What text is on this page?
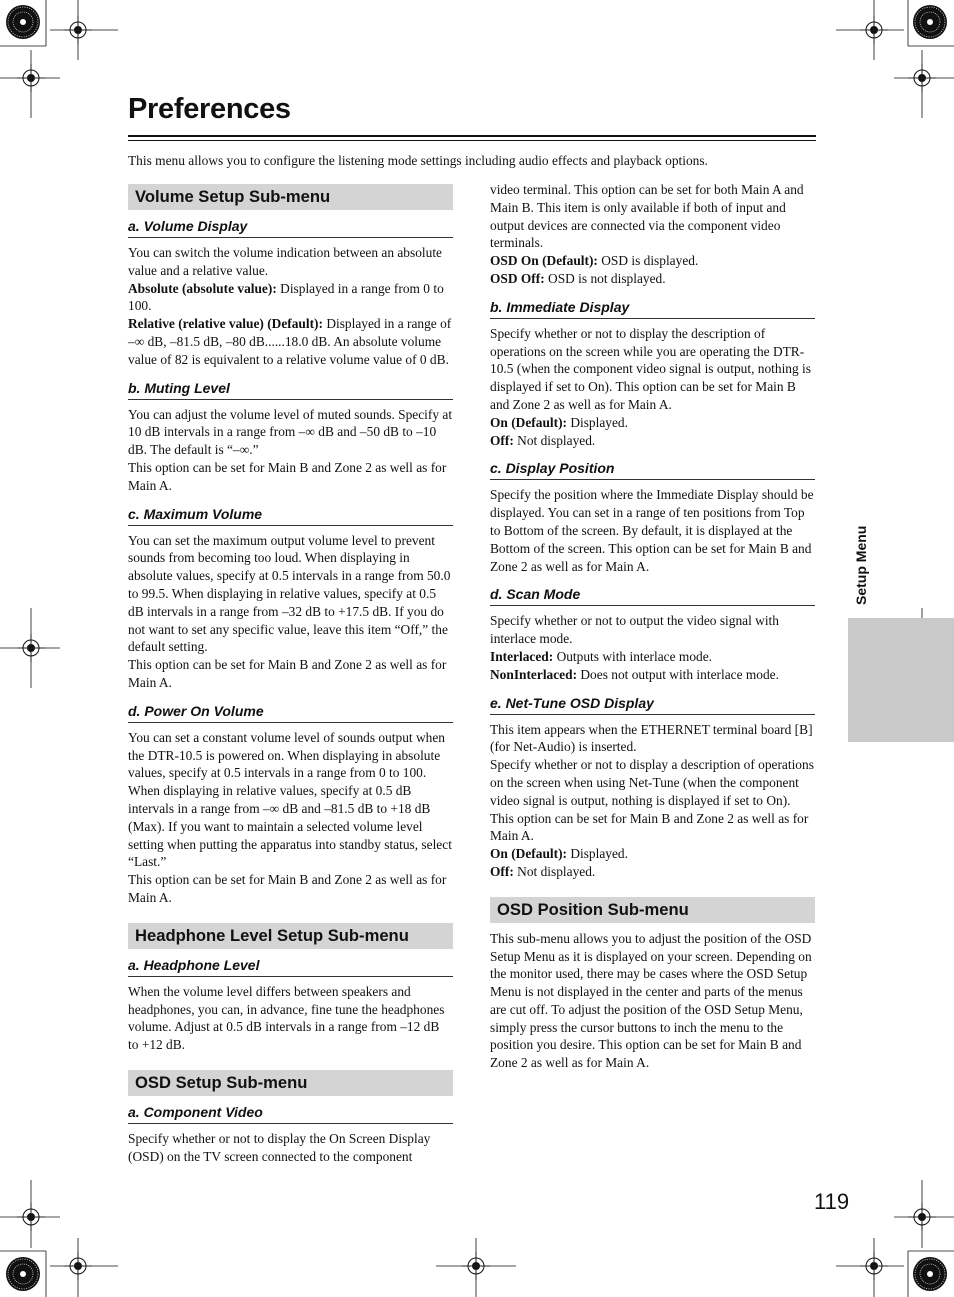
Preferences

This menu allows you to configure the listening mode settings including audio effects and playback options.

Volume Setup Sub-menu
a. Volume Display

You can switch the volume indication between an absolute value and a relative value.

Absolute (absolute value): Displayed in a range from 0 to 100.

Relative (relative value) (Default): Displayed in a range of –∞ dB, –81.5 dB, –80 dB......18.0 dB. An absolute volume value of 82 is equivalent to a relative volume value of 0 dB.

b. Muting Level

You can adjust the volume level of muted sounds. Specify at 10 dB intervals in a range from –∞ dB and –50 dB to –10 dB. The default is “–∞.”

This option can be set for Main B and Zone 2 as well as for Main A.

c. Maximum Volume

You can set the maximum output volume level to prevent sounds from becoming too loud. When displaying in absolute values, specify at 0.5 intervals in a range from 50.0 to 99.5. When displaying in relative values, specify at 0.5 dB intervals in a range from –32 dB to +17.5 dB. If you do not want to set any specific value, leave this item “Off,” the default setting.

This option can be set for Main B and Zone 2 as well as for Main A.

d. Power On Volume

You can set a constant volume level of sounds output when the DTR-10.5 is powered on. When displaying in absolute values, specify at 0.5 intervals in a range from 0 to 100. When displaying in relative values, specify at 0.5 dB intervals in a range from –∞ dB and –81.5 dB to +18 dB (Max). If you want to maintain a selected volume level setting when putting the apparatus into standby status, select “Last.”

This option can be set for Main B and Zone 2 as well as for Main A.

Headphone Level Setup Sub-menu
a. Headphone Level

When the volume level differs between speakers and headphones, you can, in advance, fine tune the headphones volume. Adjust at 0.5 dB intervals in a range from –12 dB to +12 dB.

OSD Setup Sub-menu
a. Component Video

Specify whether or not to display the On Screen Display (OSD) on the TV screen connected to the component

video terminal. This option can be set for both Main A and Main B. This item is only available if both of input and output devices are connected via the component video terminals.

OSD On (Default): OSD is displayed.

OSD Off: OSD is not displayed.

b. Immediate Display

Specify whether or not to display the description of operations on the screen while you are operating the DTR-10.5 (when the component video signal is output, nothing is displayed if set to On). This option can be set for Main B and Zone 2 as well as for Main A.

On (Default): Displayed.

Off: Not displayed.

c. Display Position

Specify the position where the Immediate Display should be displayed. You can set in a range of ten positions from Top to Bottom of the screen. By default, it is displayed at the Bottom of the screen. This option can be set for Main B and Zone 2 as well as for Main A.

d. Scan Mode

Specify whether or not to output the video signal with interlace mode.

Interlaced: Outputs with interlace mode.

NonInterlaced: Does not output with interlace mode.

e. Net-Tune OSD Display

This item appears when the ETHERNET terminal board [B] (for Net-Audio) is inserted.

Specify whether or not to display a description of operations on the screen when using Net-Tune (when the component video signal is output, nothing is displayed if set to On). This option can be set for Main B and Zone 2 as well as for Main A.

On (Default): Displayed.

Off: Not displayed.

OSD Position Sub-menu

This sub-menu allows you to adjust the position of the OSD Setup Menu as it is displayed on your screen. Depending on the monitor used, there may be cases where the OSD Setup Menu is not displayed in the center and parts of the menus are cut off. To adjust the position of the OSD Setup Menu, simply press the cursor buttons to inch the menu to the position you desire. This option can be set for Main B and Zone 2 as well as for Main A.

Setup Menu
119
